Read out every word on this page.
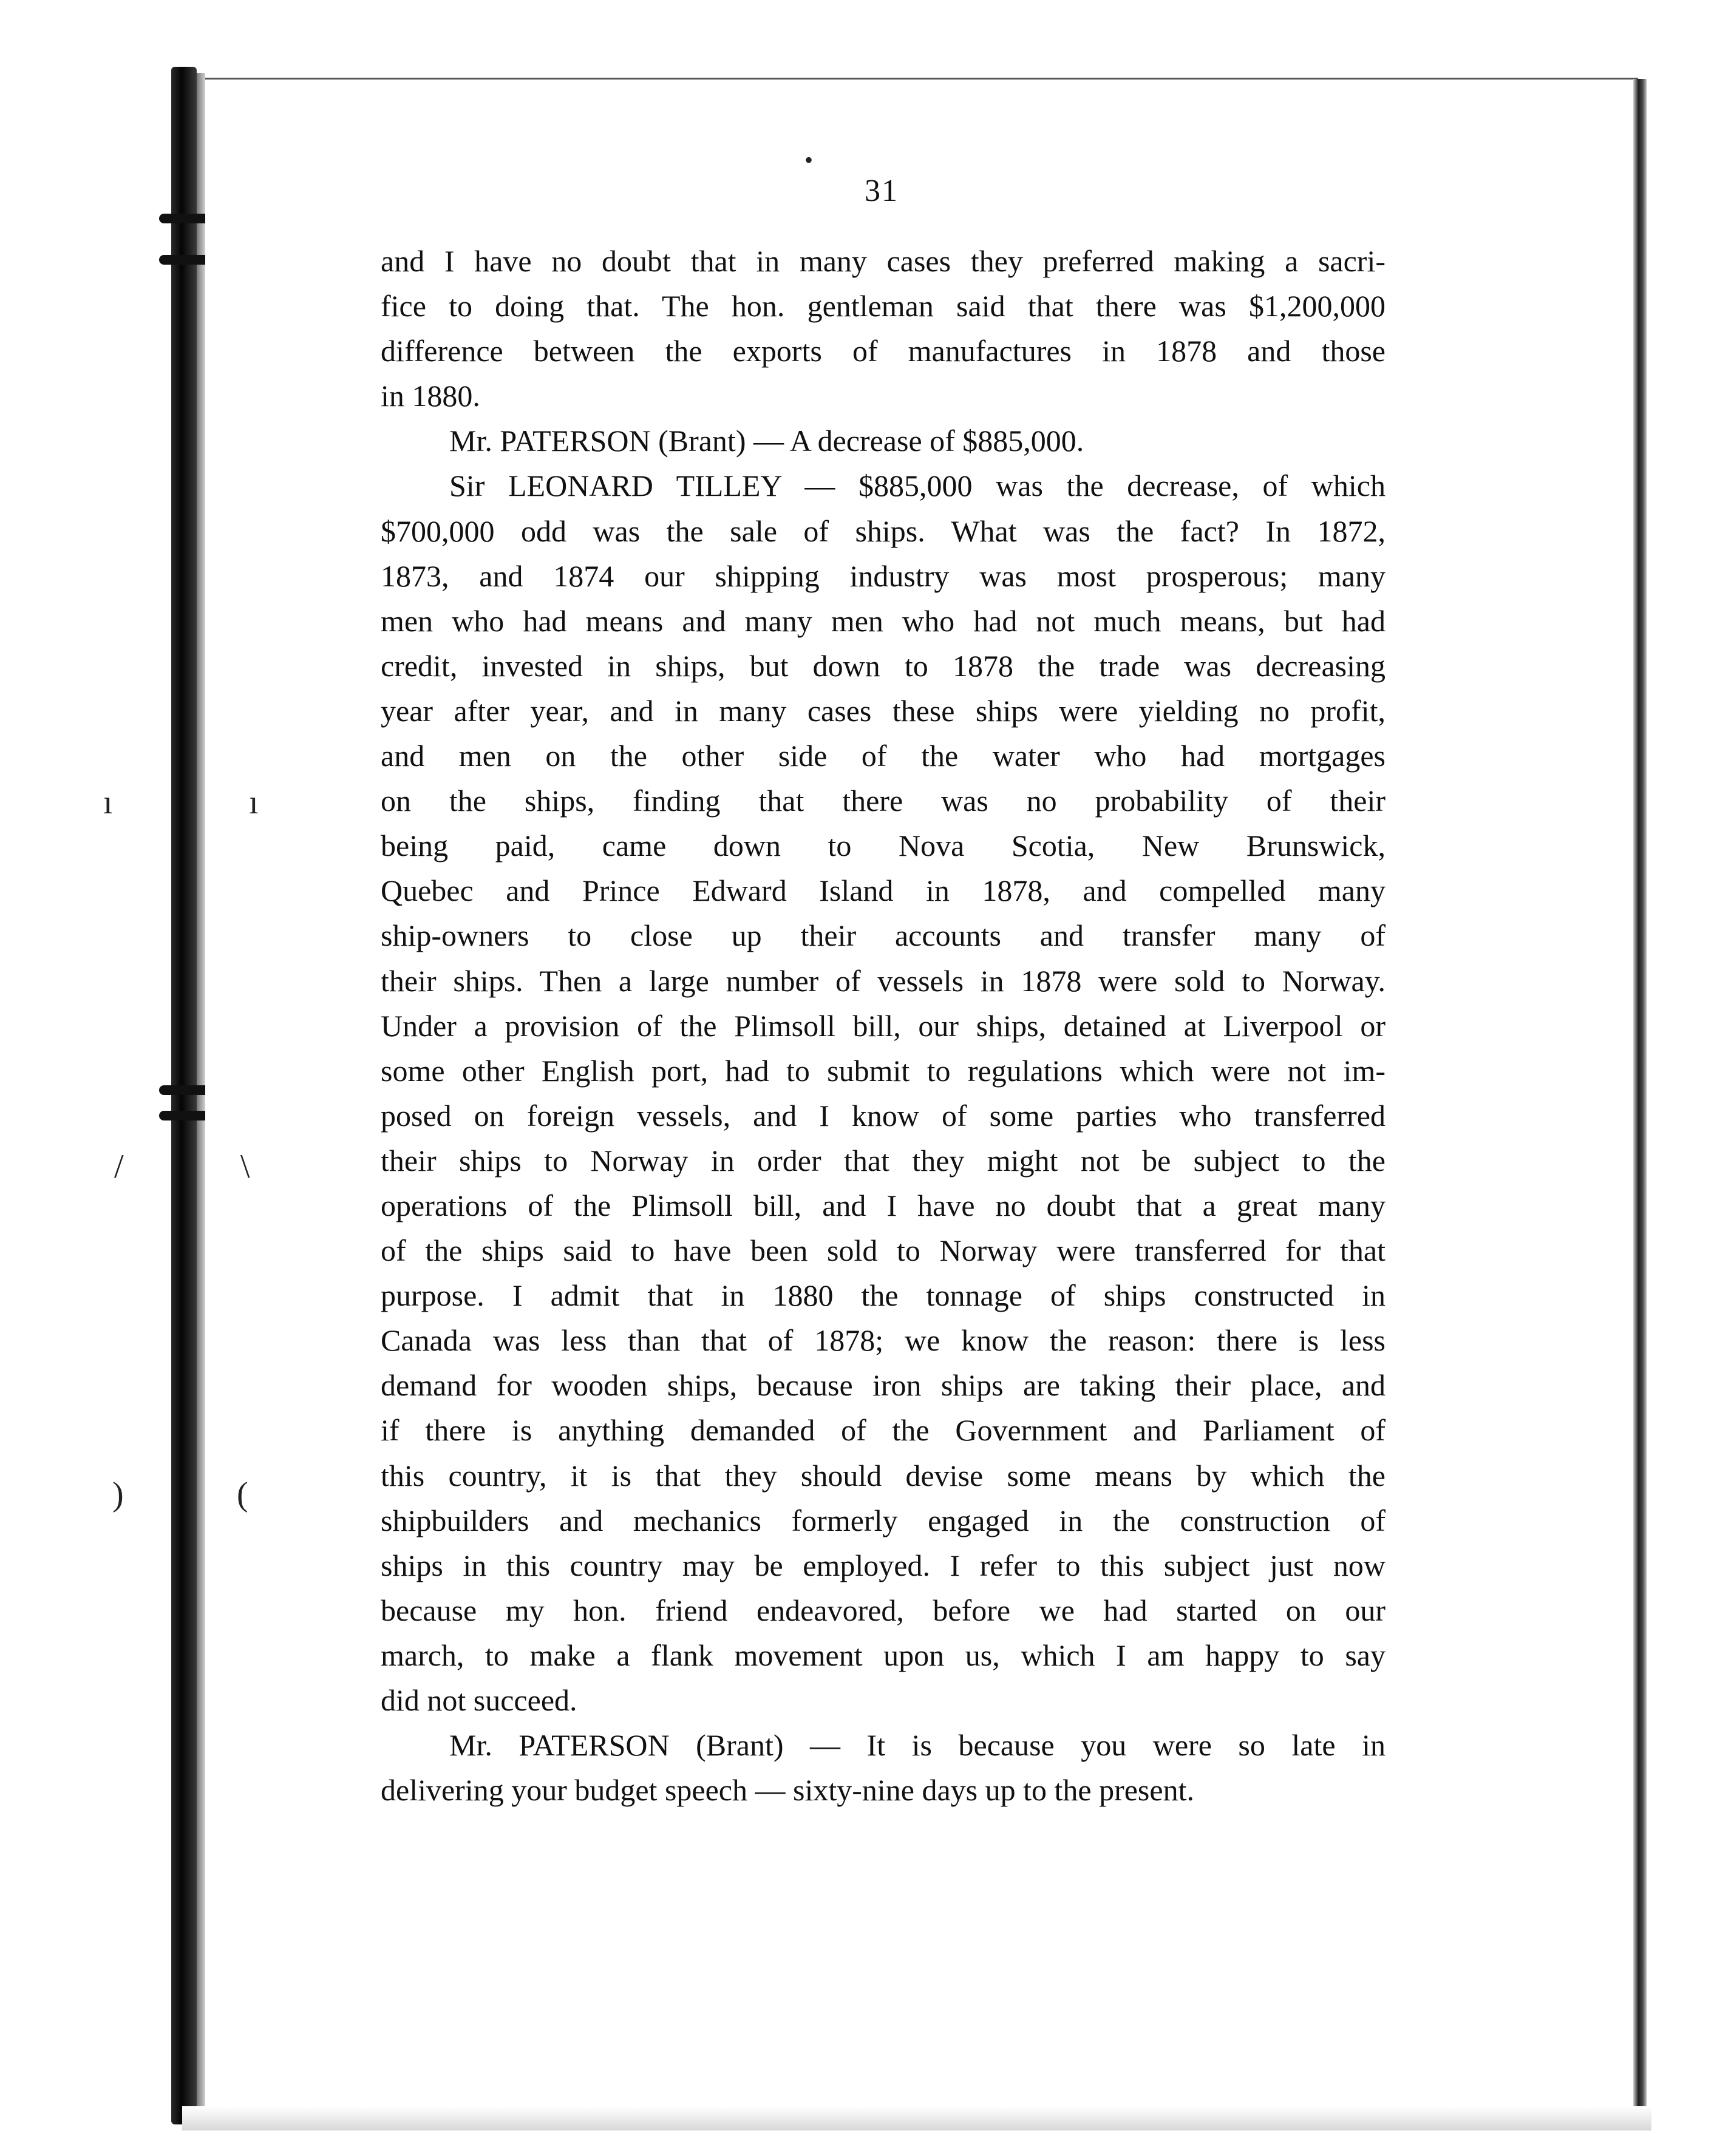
ı	ı
/	\
)	(
•
31
and I have no doubt that in many cases they preferred making a sacri-
fice to doing that. The hon. gentleman said that there was $1,200,000
difference between the exports of manufactures in 1878 and those
in 1880.
Mr. PATERSON (Brant) — A decrease of $885,000.
Sir LEONARD TILLEY — $885,000 was the decrease, of which
$700,000 odd was the sale of ships. What was the fact? In 1872,
1873, and 1874 our shipping industry was most prosperous; many
men who had means and many men who had not much means, but had
credit, invested in ships, but down to 1878 the trade was decreasing
year after year, and in many cases these ships were yielding no profit,
and men on the other side of the water who had mortgages
on the ships, finding that there was no probability of their
being paid, came down to Nova Scotia, New Brunswick,
Quebec and Prince Edward Island in 1878, and compelled many
ship-owners to close up their accounts and transfer many of
their ships. Then a large number of vessels in 1878 were sold to Norway.
Under a provision of the Plimsoll bill, our ships, detained at Liverpool or
some other English port, had to submit to regulations which were not im-
posed on foreign vessels, and I know of some parties who transferred
their ships to Norway in order that they might not be subject to the
operations of the Plimsoll bill, and I have no doubt that a great many
of the ships said to have been sold to Norway were transferred for that
purpose. I admit that in 1880 the tonnage of ships constructed in
Canada was less than that of 1878; we know the reason: there is less
demand for wooden ships, because iron ships are taking their place, and
if there is anything demanded of the Government and Parliament of
this country, it is that they should devise some means by which the
shipbuilders and mechanics formerly engaged in the construction of
ships in this country may be employed. I refer to this subject just now
because my hon. friend endeavored, before we had started on our
march, to make a flank movement upon us, which I am happy to say
did not succeed.
Mr. PATERSON (Brant) — It is because you were so late in
delivering your budget speech — sixty-nine days up to the present.
